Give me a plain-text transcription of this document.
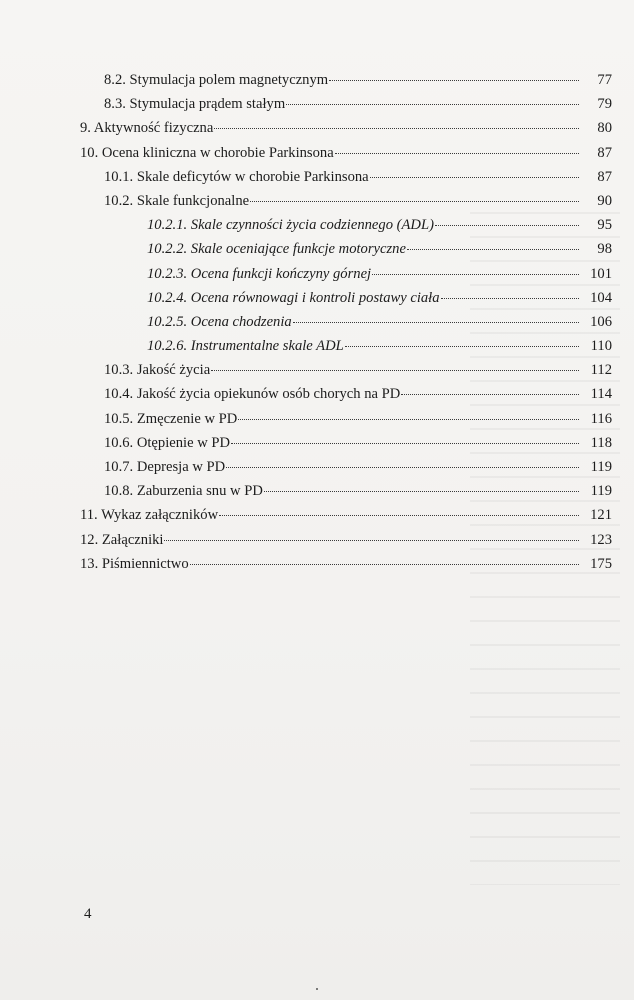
8.2. Stymulacja polem magnetycznym	77
8.3. Stymulacja prądem stałym	79
9. Aktywność fizyczna	80
10. Ocena kliniczna w chorobie Parkinsona	87
10.1. Skale deficytów w chorobie Parkinsona	87
10.2. Skale funkcjonalne	90
10.2.1. Skale czynności życia codziennego (ADL)	95
10.2.2. Skale oceniające funkcje motoryczne	98
10.2.3. Ocena funkcji kończyny górnej	101
10.2.4. Ocena równowagi i kontroli postawy ciała	104
10.2.5. Ocena chodzenia	106
10.2.6. Instrumentalne skale ADL	110
10.3. Jakość życia	112
10.4. Jakość życia opiekunów osób chorych na PD	114
10.5. Zmęczenie w PD	116
10.6. Otępienie w PD	118
10.7. Depresja w PD	119
10.8. Zaburzenia snu w PD	119
11. Wykaz załączników	121
12. Załączniki	123
13. Piśmiennictwo	175
4
